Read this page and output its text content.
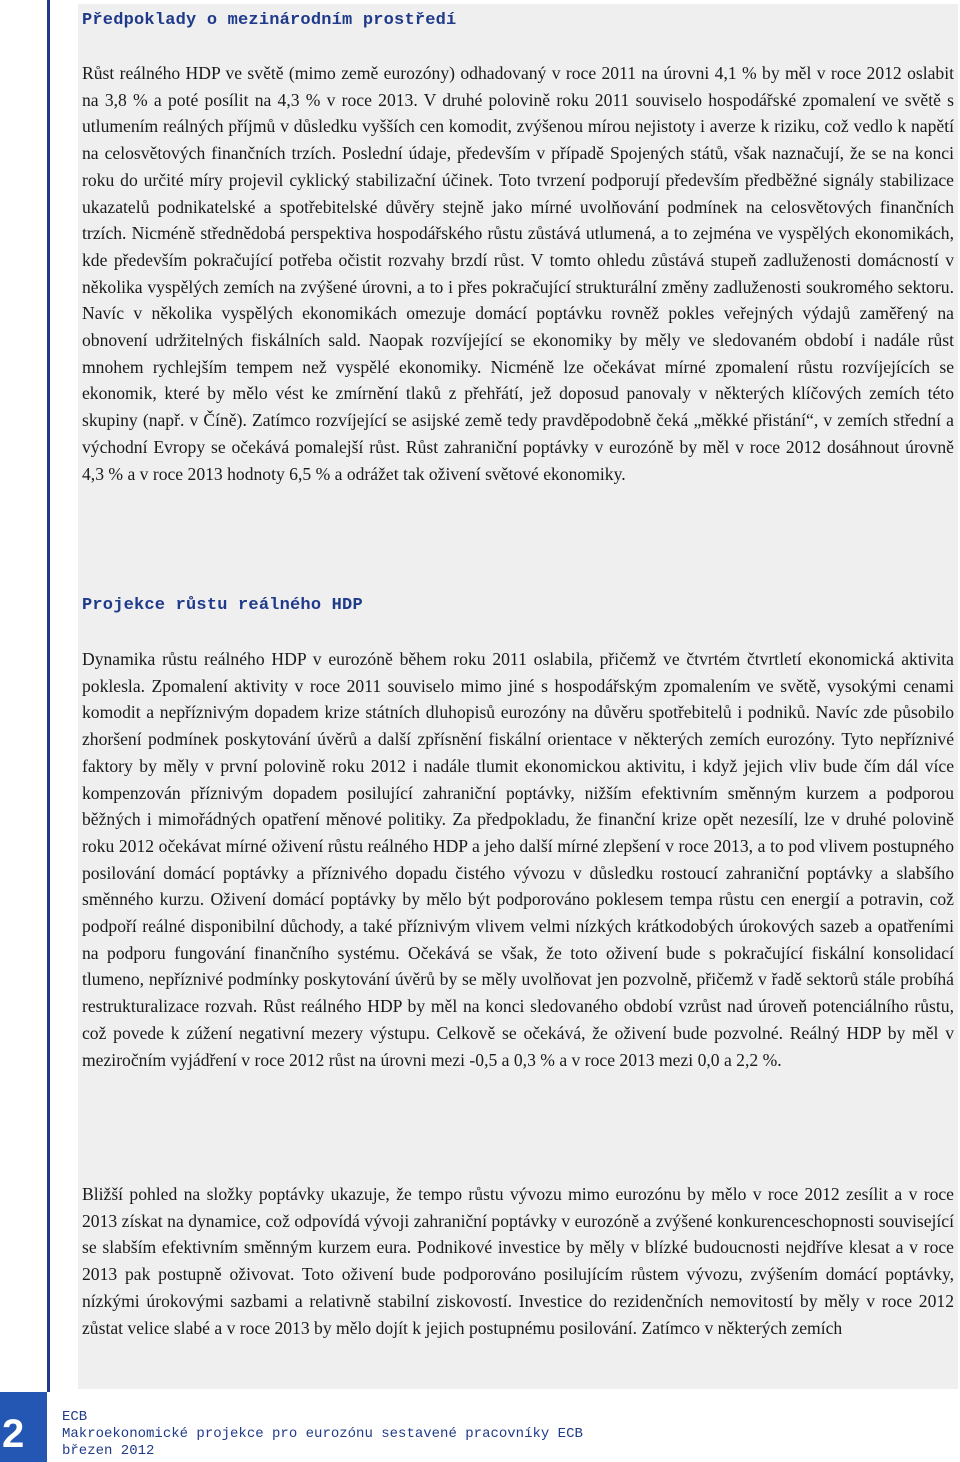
Předpoklady o mezinárodním prostředí

Růst reálného HDP ve světě (mimo země eurozóny) odhadovaný v roce 2011 na úrovni 4,1 % by měl v roce 2012 oslabit na 3,8 % a poté posílit na 4,3 % v roce 2013. V druhé polovině roku 2011 souviselo hospodářské zpomalení ve světě s utlumením reálných příjmů v důsledku vyšších cen komodit, zvýšenou mírou nejistoty i averze k riziku, což vedlo k napětí na celosvětových finančních trzích. Poslední údaje, především v případě Spojených států, však naznačují, že se na konci roku do určité míry projevil cyklický stabilizační účinek. Toto tvrzení podporují především předběžné signály stabilizace ukazatelů podnikatelské a spotřebitelské důvěry stejně jako mírné uvolňování podmínek na celosvětových finančních trzích. Nicméně střednědobá perspektiva hospodářského růstu zůstává utlumená, a to zejména ve vyspělých ekonomikách, kde především pokračující potřeba očistit rozvahy brzdí růst. V tomto ohledu zůstává stupeň zadluženosti domácností v několika vyspělých zemích na zvýšené úrovni, a to i přes pokračující strukturální změny zadluženosti soukromého sektoru. Navíc v několika vyspělých ekonomikách omezuje domácí poptávku rovněž pokles veřejných výdajů zaměřený na obnovení udržitelných fiskálních sald. Naopak rozvíjející se ekonomiky by měly ve sledovaném období i nadále růst mnohem rychlejším tempem než vyspělé ekonomiky. Nicméně lze očekávat mírné zpomalení růstu rozvíjejících se ekonomik, které by mělo vést ke zmírnění tlaků z přehřátí, jež doposud panovaly v některých klíčových zemích této skupiny (např. v Číně). Zatímco rozvíjející se asijské země tedy pravděpodobně čeká „měkké přistání“, v zemích střední a východní Evropy se očekává pomalejší růst. Růst zahraniční poptávky v eurozóně by měl v roce 2012 dosáhnout úrovně 4,3 % a v roce 2013 hodnoty 6,5 % a odrážet tak oživení světové ekonomiky.

Projekce růstu reálného HDP

Dynamika růstu reálného HDP v eurozóně během roku 2011 oslabila, přičemž ve čtvrtém čtvrtletí ekonomická aktivita poklesla. Zpomalení aktivity v roce 2011 souviselo mimo jiné s hospodářským zpomalením ve světě, vysokými cenami komodit a nepříznivým dopadem krize státních dluhopisů eurozóny na důvěru spotřebitelů i podniků. Navíc zde působilo zhoršení podmínek poskytování úvěrů a další zpřísnění fiskální orientace v některých zemích eurozóny. Tyto nepříznivé faktory by měly v první polovině roku 2012 i nadále tlumit ekonomickou aktivitu, i když jejich vliv bude čím dál více kompenzován příznivým dopadem posilující zahraniční poptávky, nižším efektivním směnným kurzem a podporou běžných i mimořádných opatření měnové politiky. Za předpokladu, že finanční krize opět nezesílí, lze v druhé polovině roku 2012 očekávat mírné oživení růstu reálného HDP a jeho další mírné zlepšení v roce 2013, a to pod vlivem postupného posilování domácí poptávky a příznivého dopadu čistého vývozu v důsledku rostoucí zahraniční poptávky a slabšího směnného kurzu. Oživení domácí poptávky by mělo být podporováno poklesem tempa růstu cen energií a potravin, což podpoří reálné disponibilní důchody, a také příznivým vlivem velmi nízkých krátkodobých úrokových sazeb a opatřeními na podporu fungování finančního systému. Očekává se však, že toto oživení bude s pokračující fiskální konsolidací tlumeno, nepříznivé podmínky poskytování úvěrů by se měly uvolňovat jen pozvolně, přičemž v řadě sektorů stále probíhá restrukturalizace rozvah. Růst reálného HDP by měl na konci sledovaného období vzrůst nad úroveň potenciálního růstu, což povede k zúžení negativní mezery výstupu. Celkově se očekává, že oživení bude pozvolné. Reálný HDP by měl v meziročním vyjádření v roce 2012 růst na úrovni mezi -0,5 a 0,3 % a v roce 2013 mezi 0,0 a 2,2 %.

Bližší pohled na složky poptávky ukazuje, že tempo růstu vývozu mimo eurozónu by mělo v roce 2012 zesílit a v roce 2013 získat na dynamice, což odpovídá vývoji zahraniční poptávky v eurozóně a zvýšené konkurenceschopnosti související se slabším efektivním směnným kurzem eura. Podnikové investice by měly v blízké budoucnosti nejdříve klesat a v roce 2013 pak postupně oživovat. Toto oživení bude podporováno posilujícím růstem vývozu, zvýšením domácí poptávky, nízkými úrokovými sazbami a relativně stabilní ziskovostí. Investice do rezidenčních nemovitostí by měly v roce 2012 zůstat velice slabé a v roce 2013 by mělo dojít k jejich postupnému posilování. Zatímco v některých zemích

2	ECB
Makroekonomické projekce pro eurozónu sestavené pracovníky ECB
březen 2012
